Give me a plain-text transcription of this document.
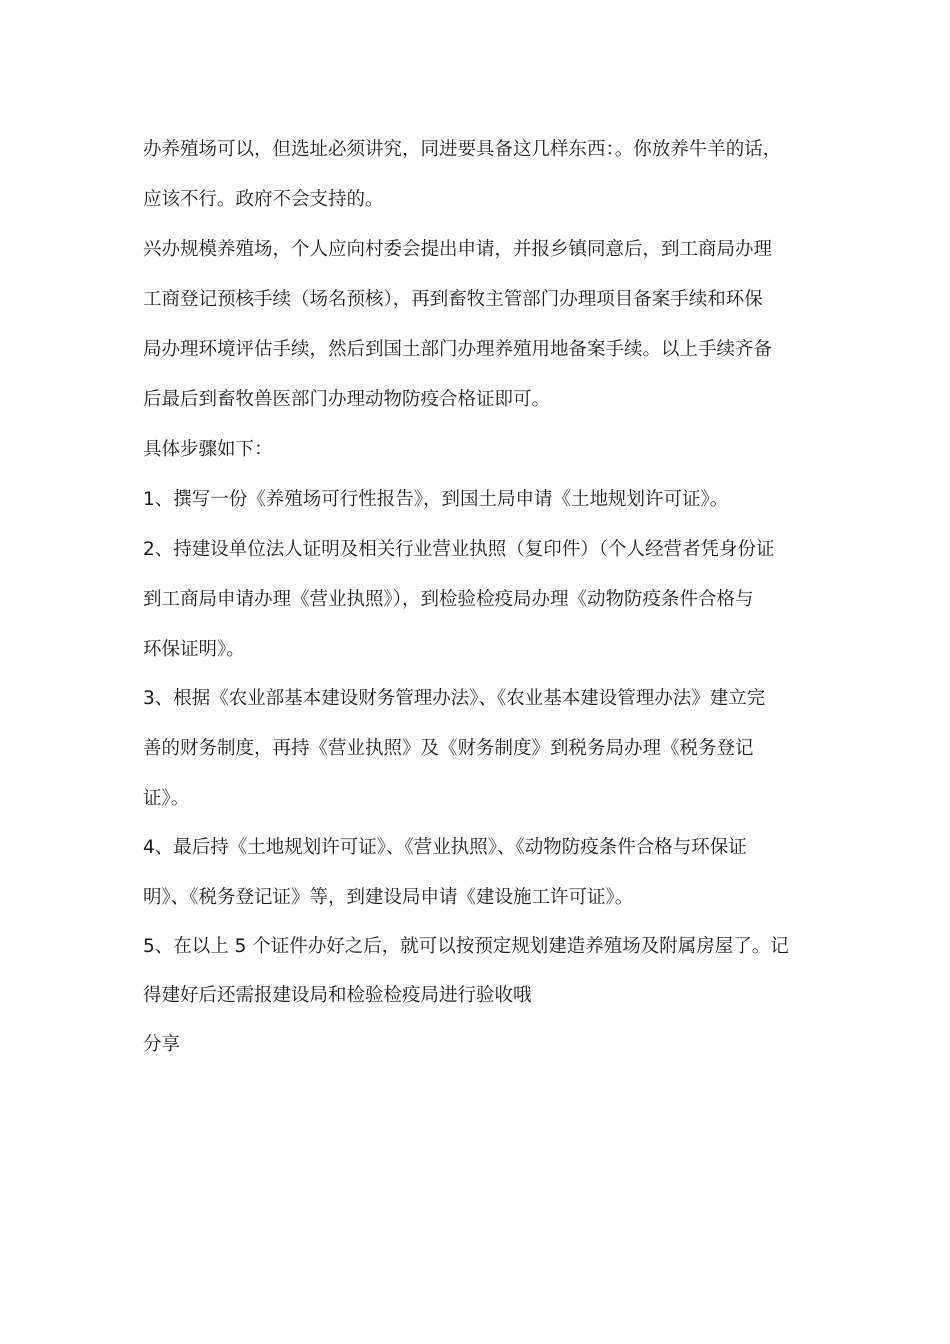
办养殖场可以，但选址必须讲究，同进要具备这几样东西：。你放养牛羊的话，
应该不行。政府不会支持的。
兴办规模养殖场，个人应向村委会提出申请，并报乡镇同意后，到工商局办理
工商登记预核手续（场名预核），再到畜牧主管部门办理项目备案手续和环保
局办理环境评估手续，然后到国土部门办理养殖用地备案手续。以上手续齐备
后最后到畜牧兽医部门办理动物防疫合格证即可。
具体步骤如下：
1、撰写一份《养殖场可行性报告》，到国土局申请《土地规划许可证》。
2、持建设单位法人证明及相关行业营业执照（复印件）（个人经营者凭身份证
到工商局申请办理《营业执照》），到检验检疫局办理《动物防疫条件合格与
环保证明》。
3、根据《农业部基本建设财务管理办法》、《农业基本建设管理办法》建立完
善的财务制度，再持《营业执照》及《财务制度》到税务局办理《税务登记
证》。
4、最后持《土地规划许可证》、《营业执照》、《动物防疫条件合格与环保证
明》、《税务登记证》等，到建设局申请《建设施工许可证》。
5、在以上 5 个证件办好之后，就可以按预定规划建造养殖场及附属房屋了。记
得建好后还需报建设局和检验检疫局进行验收哦
分享
